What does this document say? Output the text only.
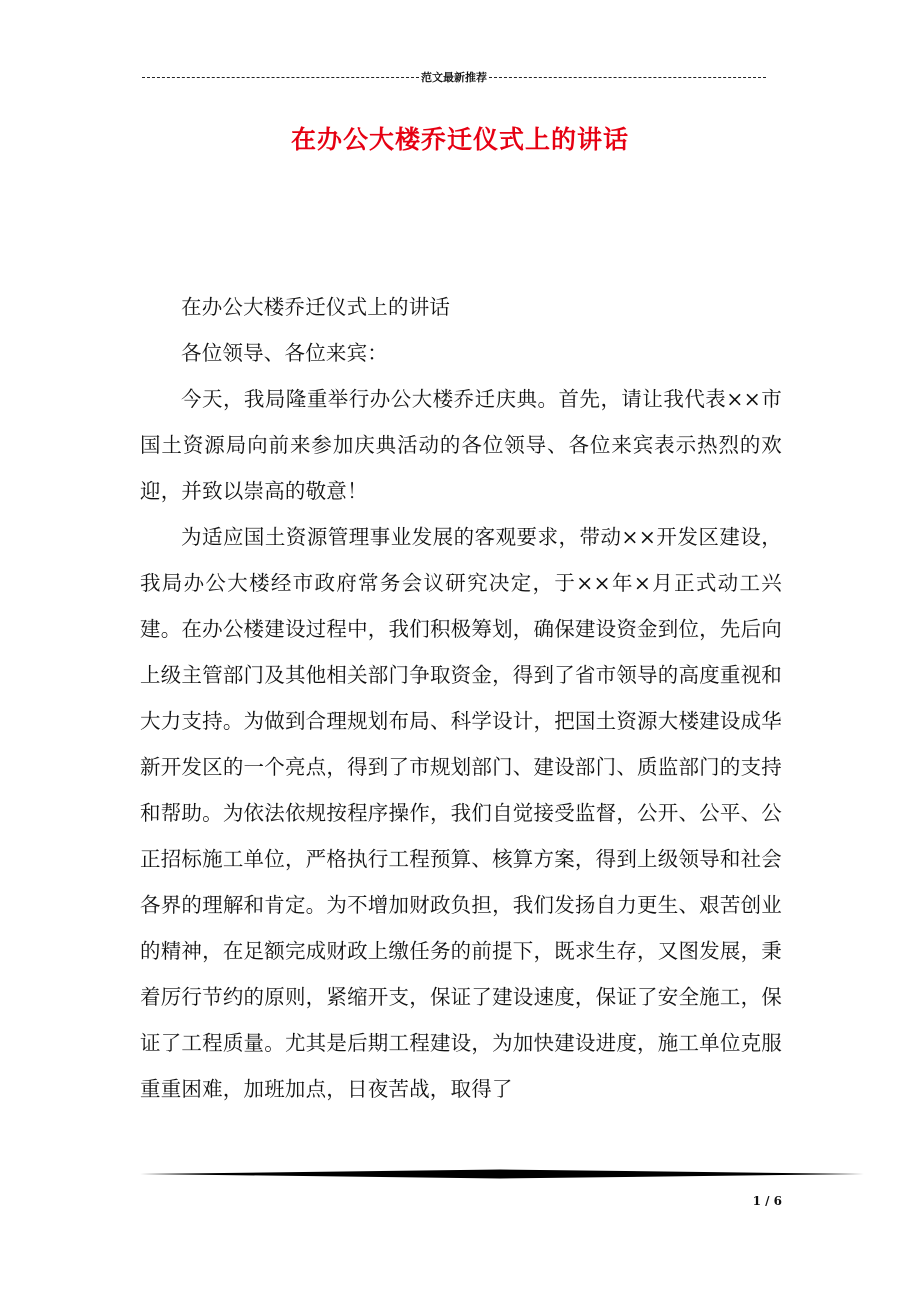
范文最新推荐
在办公大楼乔迁仪式上的讲话

在办公大楼乔迁仪式上的讲话

各位领导、各位来宾：

今天，我局隆重举行办公大楼乔迁庆典。首先，请让我代表××市国土资源局向前来参加庆典活动的各位领导、各位来宾表示热烈的欢迎，并致以崇高的敬意！

为适应国土资源管理事业发展的客观要求，带动××开发区建设，我局办公大楼经市政府常务会议研究决定，于××年×月正式动工兴建。在办公楼建设过程中，我们积极筹划，确保建设资金到位，先后向上级主管部门及其他相关部门争取资金，得到了省市领导的高度重视和大力支持。为做到合理规划布局、科学设计，把国土资源大楼建设成华新开发区的一个亮点，得到了市规划部门、建设部门、质监部门的支持和帮助。为依法依规按程序操作，我们自觉接受监督，公开、公平、公正招标施工单位，严格执行工程预算、核算方案，得到上级领导和社会各界的理解和肯定。为不增加财政负担，我们发扬自力更生、艰苦创业的精神，在足额完成财政上缴任务的前提下，既求生存，又图发展，秉着厉行节约的原则，紧缩开支，保证了建设速度，保证了安全施工，保证了工程质量。尤其是后期工程建设，为加快建设进度，施工单位克服重重困难，加班加点，日夜苦战，取得了

1 / 6
